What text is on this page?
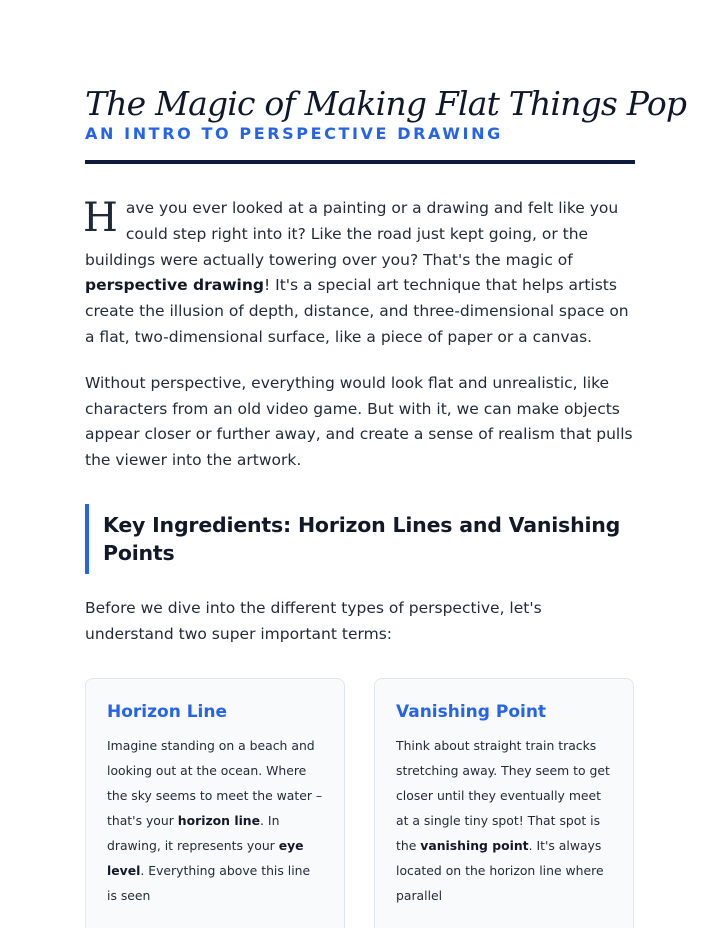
The Magic of Making Flat Things Pop
AN INTRO TO PERSPECTIVE DRAWING
H ave you ever looked at a painting or a drawing and felt like you could step right into it? Like the road just kept going, or the buildings were actually towering over you? That's the magic of perspective drawing! It's a special art technique that helps artists create the illusion of depth, distance, and three-dimensional space on a flat, two-dimensional surface, like a piece of paper or a canvas.

Without perspective, everything would look flat and unrealistic, like characters from an old video game. But with it, we can make objects appear closer or further away, and create a sense of realism that pulls the viewer into the artwork.

Key Ingredients: Horizon Lines and Vanishing Points

Before we dive into the different types of perspective, let's understand two super important terms:

Horizon Line

Imagine standing on a beach and looking out at the ocean. Where the sky seems to meet the water – that's your horizon line. In drawing, it represents your eye level. Everything above this line is seen

Vanishing Point

Think about straight train tracks stretching away. They seem to get closer until they eventually meet at a single tiny spot! That spot is the vanishing point. It's always located on the horizon line where parallel
